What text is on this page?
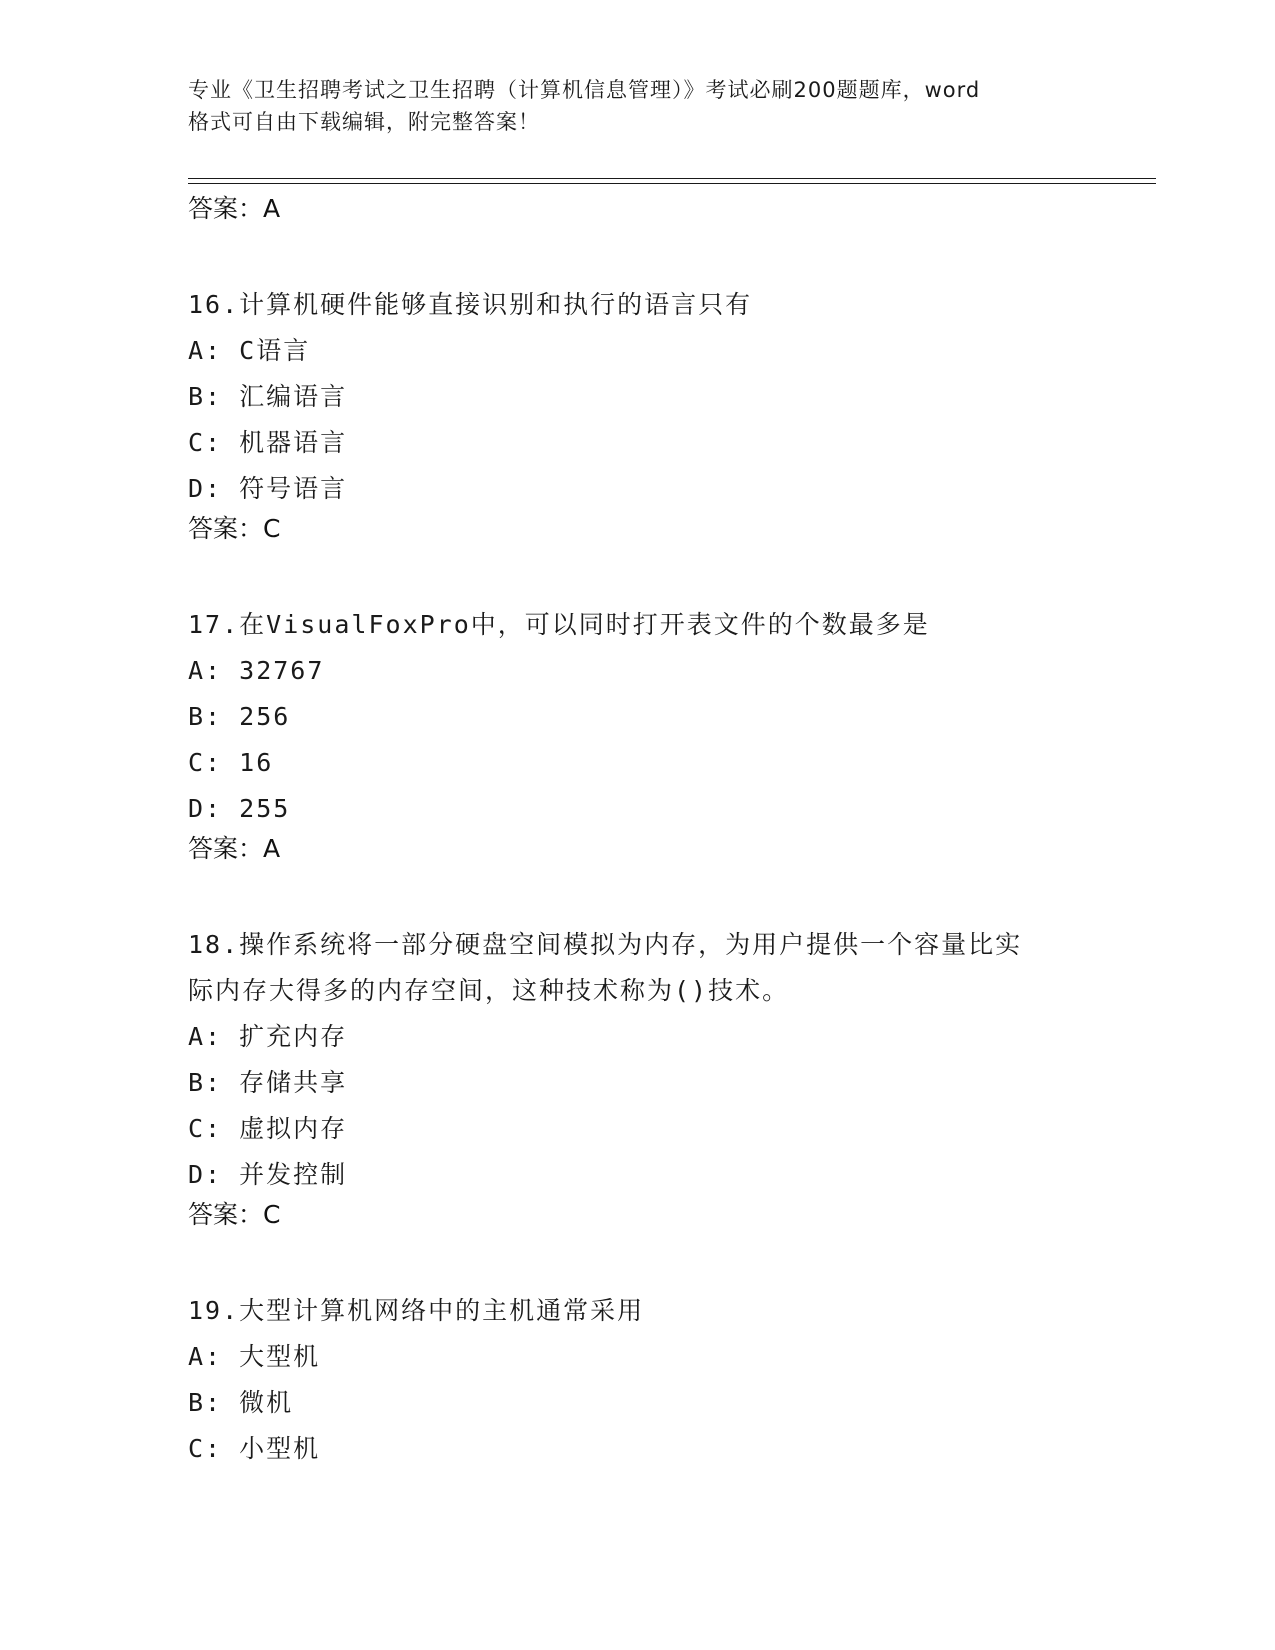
专业《卫生招聘考试之卫生招聘（计算机信息管理）》考试必刷200题题库，word
格式可自由下载编辑，附完整答案！
答案：A
16.计算机硬件能够直接识别和执行的语言只有
A: C语言
B: 汇编语言
C: 机器语言
D: 符号语言
答案：C
17.在VisualFoxPro中，可以同时打开表文件的个数最多是
A: 32767
B: 256
C: 16
D: 255
答案：A
18.操作系统将一部分硬盘空间模拟为内存，为用户提供一个容量比实
际内存大得多的内存空间，这种技术称为()技术。
A: 扩充内存
B: 存储共享
C: 虚拟内存
D: 并发控制
答案：C
19.大型计算机网络中的主机通常采用
A: 大型机
B: 微机
C: 小型机
